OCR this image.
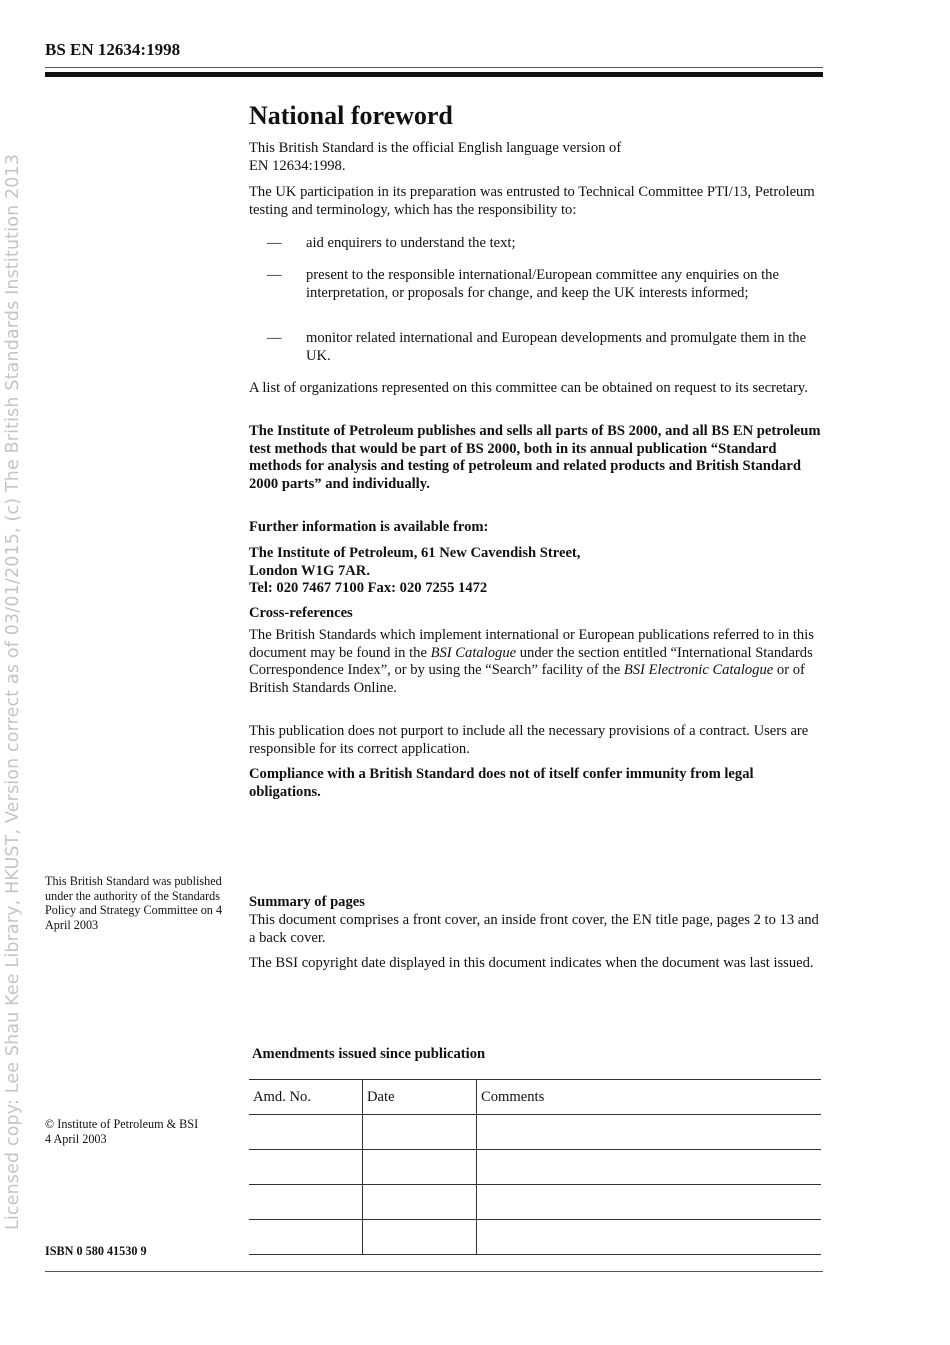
Licensed copy: Lee Shau Kee Library, HKUST, Version correct as of 03/01/2015, (c) The British Standards Institution 2013
BS EN 12634:1998
National foreword

This British Standard is the official English language version of

EN 12634:1998.

The UK participation in its preparation was entrusted to Technical Committee PTI/13, Petroleum testing and terminology, which has the responsibility to:

— aid enquirers to understand the text;
— present to the responsible international/European committee any enquiries on the interpretation, or proposals for change, and keep the UK interests informed;
— monitor related international and European developments and promulgate them in the UK.

A list of organizations represented on this committee can be obtained on request to its secretary.

The Institute of Petroleum publishes and sells all parts of BS 2000, and all BS EN petroleum test methods that would be part of BS 2000, both in its annual publication “Standard methods for analysis and testing of petroleum and related products and British Standard 2000 parts” and individually.

Further information is available from:

The Institute of Petroleum, 61 New Cavendish Street,

London W1G 7AR.

Tel: 020 7467 7100 Fax: 020 7255 1472

Cross-references

The British Standards which implement international or European publications referred to in this document may be found in the BSI Catalogue under the section entitled “International Standards Correspondence Index”, or by using the “Search” facility of the BSI Electronic Catalogue or of British Standards Online.

This publication does not purport to include all the necessary provisions of a contract. Users are responsible for its correct application.

Compliance with a British Standard does not of itself confer immunity from legal obligations.

This British Standard was published under the authority of the Standards Policy and Strategy Committee on 4 April 2003
Summary of pages

This document comprises a front cover, an inside front cover, the EN title page, pages 2 to 13 and a back cover.

The BSI copyright date displayed in this document indicates when the document was last issued.

Amendments issued since publication
Amd. No.	Date	Comments

© Institute of Petroleum & BSI
4 April 2003
ISBN 0 580 41530 9
